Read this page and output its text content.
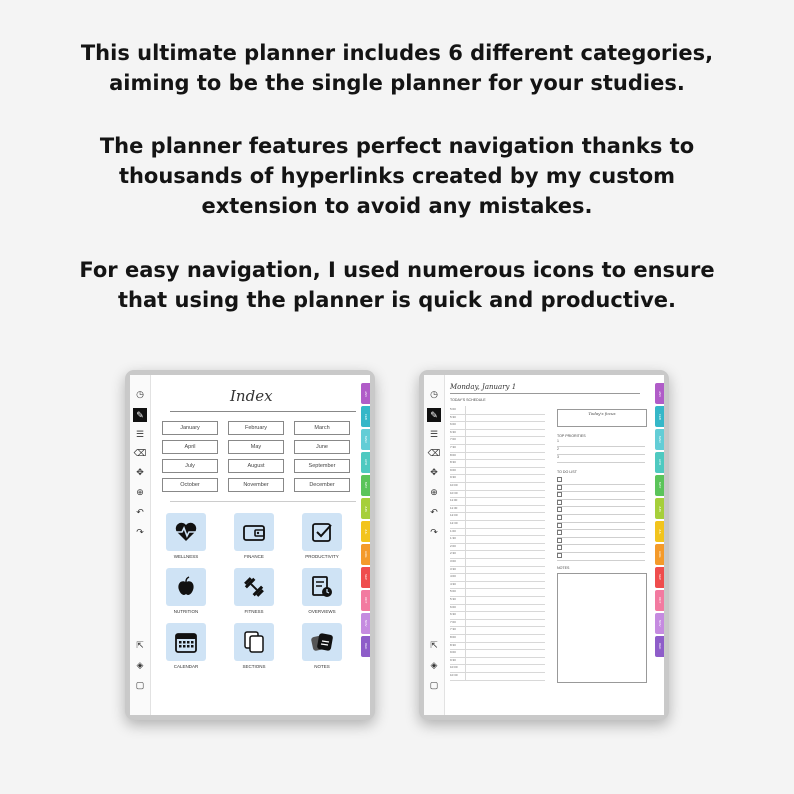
This ultimate planner includes 6 different categories,
aiming to be the single planner for your studies.

The planner features perfect navigation thanks to
thousands of hyperlinks created by my custom
extension to avoid any mistakes.

For easy navigation, I used numerous icons to ensure
that using the planner is quick and productive.

◷
✎
☰
⌫
✥
⊕
↶
↷
⇱
◈
▢
Index
January	February	March
April	May	June
July	August	September
October	November	December
WELLNESS	FINANCE	PRODUCTIVITY
NUTRITION	FITNESS	OVERVIEWS
CALENDAR	SECTIONS	NOTES
JAN
FEB
MAR
APR
MAY
JUN
JUL
AUG
SEP
OCT
NOV
DEC
◷
✎
☰
⌫
✥
⊕
↶
↷
⇱
◈
▢
Monday, January 1
TODAY'S SCHEDULE
5:00
5:30
6:00
6:30
7:00
7:30
8:00
8:30
9:00
9:30
10:00
10:30
11:00
11:30
12:00
12:30
1:00
1:30
2:00
2:30
3:00
3:30
4:00
4:30
5:00
5:30
6:00
6:30
7:00
7:30
8:00
8:30
9:00
9:30
10:00
10:30
Today's focus
TOP PRIORITIES
1
2
3
TO DO LIST
NOTES
JAN
FEB
MAR
APR
MAY
JUN
JUL
AUG
SEP
OCT
NOV
DEC
